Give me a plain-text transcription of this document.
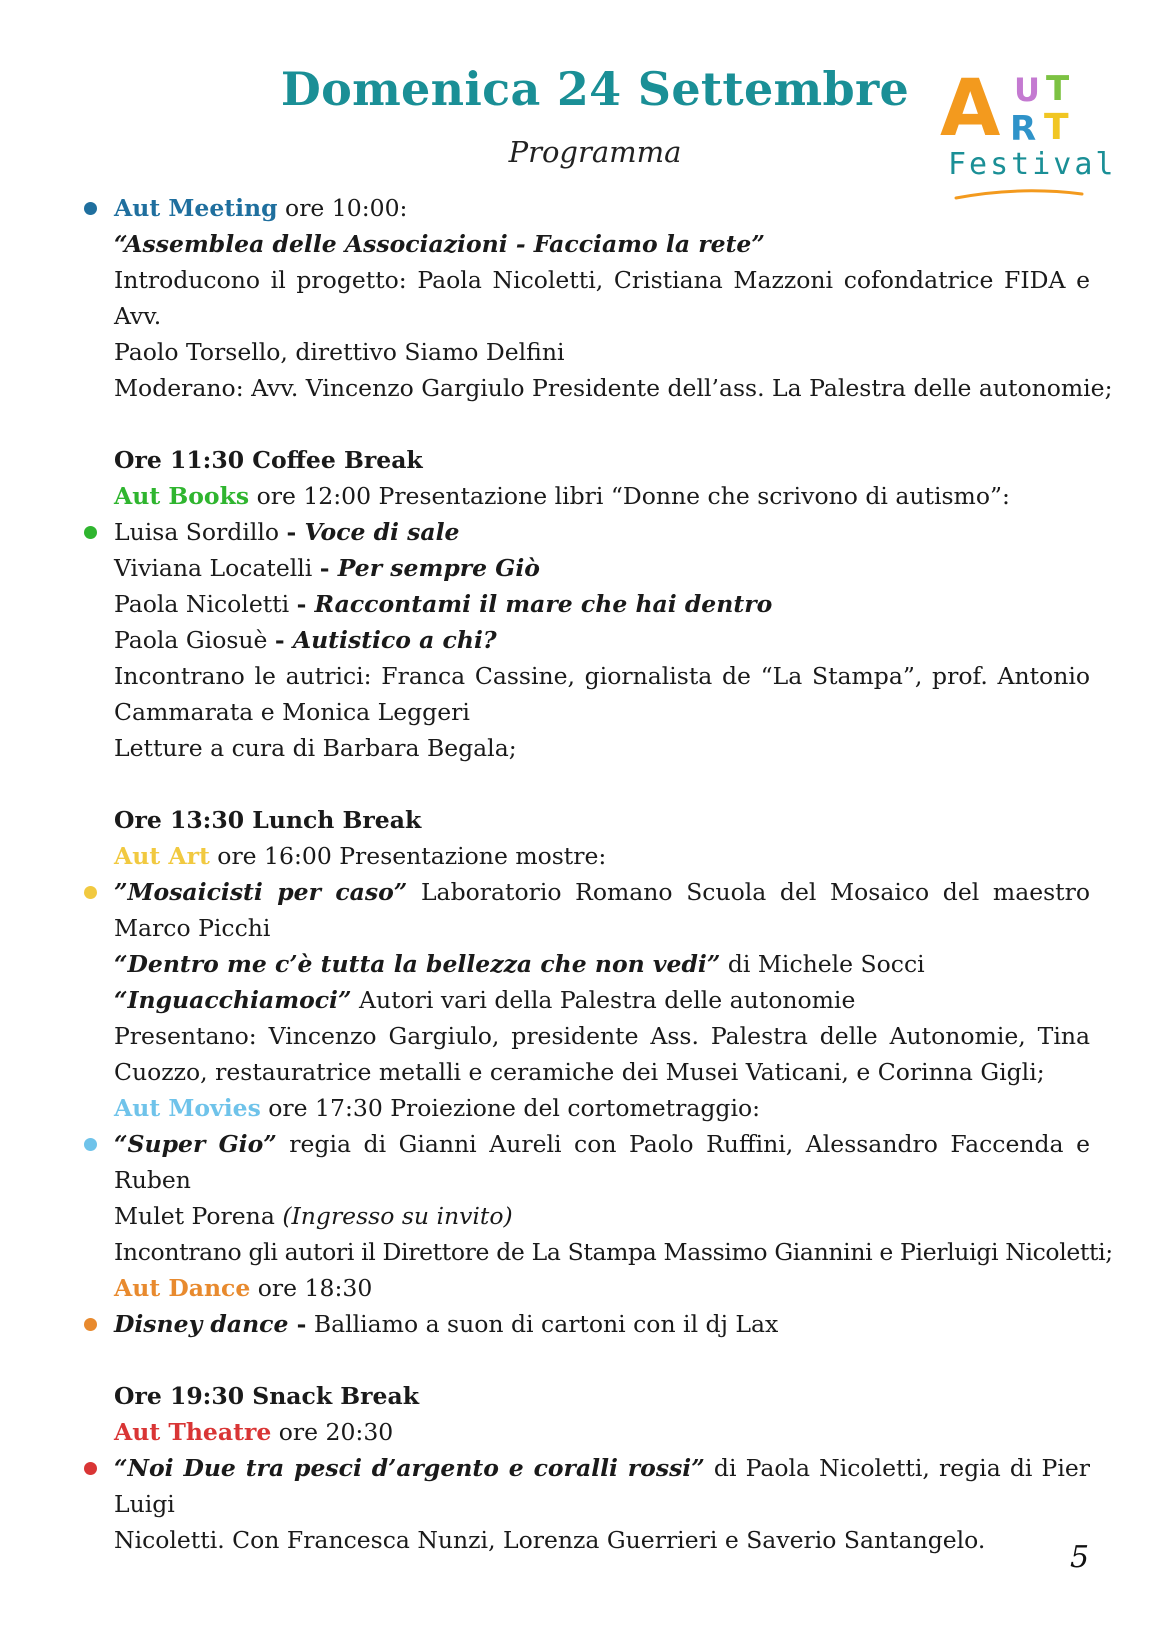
Domenica 24 Settembre
Programma	A U T
R T
Festival
Aut Meeting ore 10:00:
“Assemblea delle Associazioni - Facciamo la rete”
Introducono il progetto: Paola Nicoletti, Cristiana Mazzoni cofondatrice FIDA e Avv.
Paolo Torsello, direttivo Siamo Delfini
Moderano: Avv. Vincenzo Gargiulo Presidente dell’ass. La Palestra delle autonomie;
Ore 11:30 Coffee Break
Aut Books ore 12:00 Presentazione libri “Donne che scrivono di autismo”:
Luisa Sordillo - Voce di sale
Viviana Locatelli - Per sempre Giò
Paola Nicoletti - Raccontami il mare che hai dentro
Paola Giosuè - Autistico a chi?
Incontrano le autrici: Franca Cassine, giornalista de “La Stampa”, prof. Antonio
Cammarata e Monica Leggeri
Letture a cura di Barbara Begala;
Ore 13:30 Lunch Break
Aut Art ore 16:00 Presentazione mostre:
”Mosaicisti per caso” Laboratorio Romano Scuola del Mosaico del maestro
Marco Picchi
“Dentro me c’è tutta la bellezza che non vedi” di Michele Socci
“Inguacchiamoci” Autori vari della Palestra delle autonomie
Presentano: Vincenzo Gargiulo, presidente Ass. Palestra delle Autonomie, Tina
Cuozzo, restauratrice metalli e ceramiche dei Musei Vaticani, e Corinna Gigli;
Aut Movies ore 17:30 Proiezione del cortometraggio:
“Super Gio” regia di Gianni Aureli con Paolo Ruffini, Alessandro Faccenda e Ruben
Mulet Porena (Ingresso su invito)
Incontrano gli autori il Direttore de La Stampa Massimo Giannini e Pierluigi Nicoletti;
Aut Dance ore 18:30
Disney dance - Balliamo a suon di cartoni con il dj Lax
Ore 19:30 Snack Break
Aut Theatre ore 20:30
“Noi Due tra pesci d’argento e coralli rossi” di Paola Nicoletti, regia di Pier Luigi
Nicoletti. Con Francesca Nunzi, Lorenza Guerrieri e Saverio Santangelo.	5
